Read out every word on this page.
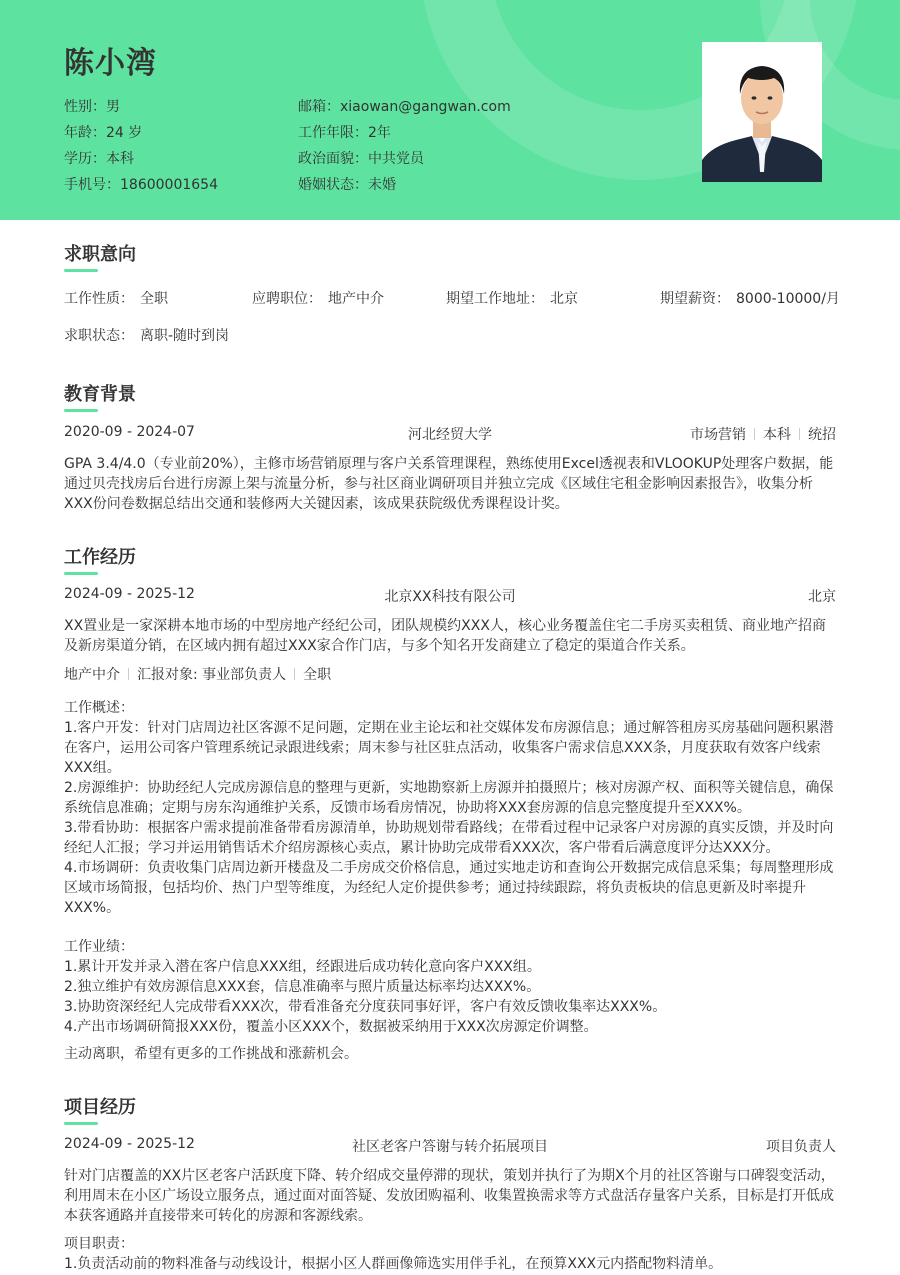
陈小湾
性别 ： 男
年龄 ： 24 岁
学历 ： 本科
手机号 ： 18600001654
邮箱 ： xiaowan@gangwan.com
工作年限 ： 2年
政治面貌 ： 中共党员
婚姻状态 ： 未婚
求职意向
工作性质 ： 全职	应聘职位 ： 地产中介	期望工作地址 ： 北京	期望薪资 ： 8000-10000/月
求职状态 ： 离职-随时到岗
教育背景
2020-09 - 2024-07	河北经贸大学	市场营销 本科 统招
GPA 3.4/4.0（专业前20%），主修市场营销原理与客户关系管理课程，熟练使用Excel透视表和VLOOKUP处理客户数据，能通过贝壳找房后台进行房源上架与流量分析，参与社区商业调研项目并独立完成《区域住宅租金影响因素报告》，收集分析XXX份问卷数据总结出交通和装修两大关键因素，该成果获院级优秀课程设计奖。
工作经历
2024-09 - 2025-12	北京XX科技有限公司	北京
XX置业是一家深耕本地市场的中型房地产经纪公司，团队规模约XXX人，核心业务覆盖住宅二手房买卖租赁、商业地产招商及新房渠道分销，在区域内拥有超过XXX家合作门店，与多个知名开发商建立了稳定的渠道合作关系。
地产中介 汇报对象: 事业部负责人 全职
工作概述：
1.客户开发：针对门店周边社区客源不足问题，定期在业主论坛和社交媒体发布房源信息；通过解答租房买房基础问题积累潜在客户，运用公司客户管理系统记录跟进线索；周末参与社区驻点活动，收集客户需求信息XXX条，月度获取有效客户线索XXX组。
2.房源维护：协助经纪人完成房源信息的整理与更新，实地勘察新上房源并拍摄照片；核对房源产权、面积等关键信息，确保系统信息准确；定期与房东沟通维护关系，反馈市场看房情况，协助将XXX套房源的信息完整度提升至XXX%。
3.带看协助：根据客户需求提前准备带看房源清单，协助规划带看路线；在带看过程中记录客户对房源的真实反馈，并及时向经纪人汇报；学习并运用销售话术介绍房源核心卖点，累计协助完成带看XXX次，客户带看后满意度评分达XXX分。
4.市场调研：负责收集门店周边新开楼盘及二手房成交价格信息，通过实地走访和查询公开数据完成信息采集；每周整理形成区域市场简报，包括均价、热门户型等维度，为经纪人定价提供参考；通过持续跟踪，将负责板块的信息更新及时率提升XXX%。
工作业绩：
1.累计开发并录入潜在客户信息XXX组，经跟进后成功转化意向客户XXX组。
2.独立维护有效房源信息XXX套，信息准确率与照片质量达标率均达XXX%。
3.协助资深经纪人完成带看XXX次，带看准备充分度获同事好评，客户有效反馈收集率达XXX%。
4.产出市场调研简报XXX份，覆盖小区XXX个，数据被采纳用于XXX次房源定价调整。
主动离职，希望有更多的工作挑战和涨薪机会。
项目经历
2024-09 - 2025-12	社区老客户答谢与转介拓展项目	项目负责人
针对门店覆盖的XX片区老客户活跃度下降、转介绍成交量停滞的现状，策划并执行了为期X个月的社区答谢与口碑裂变活动，利用周末在小区广场设立服务点，通过面对面答疑、发放团购福利、收集置换需求等方式盘活存量客户关系，目标是打开低成本获客通路并直接带来可转化的房源和客源线索。
项目职责：
1.负责活动前的物料准备与动线设计，根据小区人群画像筛选实用伴手礼，在预算XXX元内搭配物料清单。
